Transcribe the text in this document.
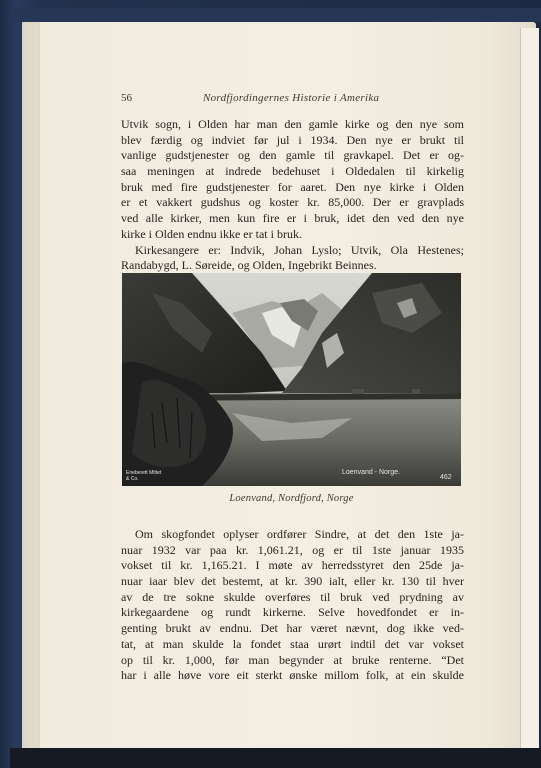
56	Nordfjordingernes Historie i Amerika
Utvik sogn, i Olden har man den gamle kirke og den nye som
blev færdig og indviet før jul i 1934. Den nye er brukt til
vanlige gudstjenester og den gamle til gravkapel. Det er og-
saa meningen at indrede bedehuset i Oldedalen til kirkelig
bruk med fire gudstjenester for aaret. Den nye kirke i Olden
er et vakkert gudshus og koster kr. 85,000. Der er gravplads
ved alle kirker, men kun fire er i bruk, idet den ved den nye
kirke i Olden endnu ikke er tat i bruk.
Kirkesangere er: Indvik, Johan Lyslo; Utvik, Ola Hestenes;
Randabygd, L. Søreide, og Olden, Ingebrikt Beinnes.
Eneberett Mittet & Co.
Loenvand - Norge.
462
Loenvand, Nordfjord, Norge
Om skogfondet oplyser ordfører Sindre, at det den 1ste ja-
nuar 1932 var paa kr. 1,061.21, og er til 1ste januar 1935
vokset til kr. 1,165.21. I møte av herredsstyret den 25de ja-
nuar iaar blev det bestemt, at kr. 390 ialt, eller kr. 130 til hver
av de tre sokne skulde overføres til bruk ved prydning av
kirkegaardene og rundt kirkerne. Selve hovedfondet er in-
genting brukt av endnu. Det har været nævnt, dog ikke ved-
tat, at man skulde la fondet staa urørt indtil det var vokset
op til kr. 1,000, før man begynder at bruke renterne. “Det
har i alle høve vore eit sterkt ønske millom folk, at ein skulde
